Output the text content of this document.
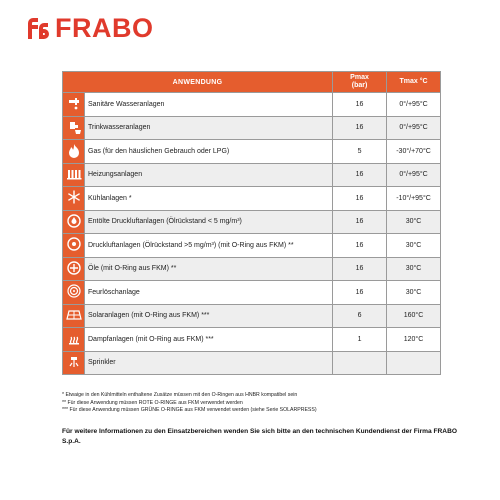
FRABO
ANWENDUNG		Pmax
(bar)	Tmax °C
	Sanitäre Wasseranlagen	16	0°/+95°C
	Trinkwasseranlagen	16	0°/+95°C
	Gas (für den häuslichen Gebrauch oder LPG)	5	-30°/+70°C
	Heizungsanlagen	16	0°/+95°C
	Kühlanlagen *	16	-10°/+95°C
	Entölte Druckluftanlagen (Ölrückstand < 5 mg/m³)	16	30°C
	Druckluftanlagen (Ölrückstand >5 mg/m³) (mit O-Ring aus FKM) **	16	30°C
	Öle (mit O-Ring aus FKM) **	16	30°C
	Feurlöschanlage	16	30°C
	Solaranlagen (mit O-Ring aus FKM) ***	6	160°C
	Dampfanlagen (mit O-Ring aus FKM) ***	1	120°C
	Sprinkler		
* Etwaige in den Kühlmitteln enthaltene Zusätze müssen mit den O-Ringen aus HNBR kompatibel sein
** Für diese Anwendung müssen ROTE O-RINGE aus FKM verwendet werden
*** Für diese Anwendung müssen GRÜNE O-RINGE aus FKM verwendet werden (siehe Serie SOLARPRESS)
Für weitere Informationen zu den Einsatzbereichen wenden Sie sich bitte an den technischen Kundendienst der Firma FRABO S.p.A.
